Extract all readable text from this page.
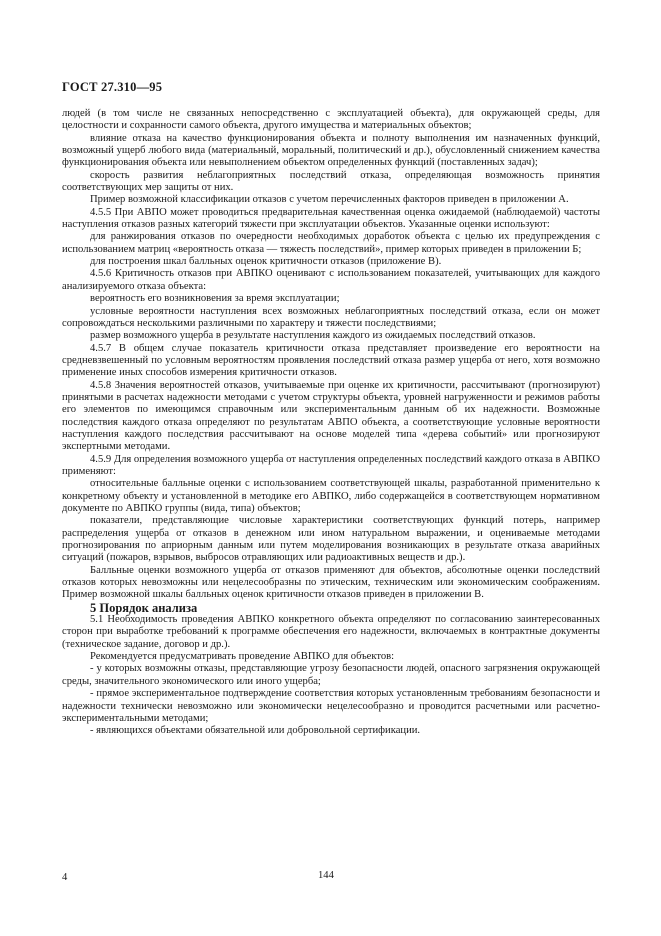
ГОСТ 27.310—95

людей (в том числе не связанных непосредственно с эксплуатацией объекта), для окружающей среды, для целостности и сохранности самого объекта, другого имущества и материальных объектов;

влияние отказа на качество функционирования объекта и полноту выполнения им назначенных функций, возможный ущерб любого вида (материальный, моральный, политический и др.), обусловленный снижением качества функционирования объекта или невыполнением объектом определенных функций (поставленных задач);

скорость развития неблагоприятных последствий отказа, определяющая возможность принятия соответствующих мер защиты от них.

Пример возможной классификации отказов с учетом перечисленных факторов приведен в приложении А.

4.5.5 При АВПО может проводиться предварительная качественная оценка ожидаемой (наблюдаемой) частоты наступления отказов разных категорий тяжести при эксплуатации объектов. Указанные оценки используют:

для ранжирования отказов по очередности необходимых доработок объекта с целью их предупреждения с использованием матриц «вероятность отказа — тяжесть последствий», пример которых приведен в приложении Б;

для построения шкал балльных оценок критичности отказов (приложение В).

4.5.6 Критичность отказов при АВПКО оценивают с использованием показателей, учитывающих для каждого анализируемого отказа объекта:

вероятность его возникновения за время эксплуатации;

условные вероятности наступления всех возможных неблагоприятных последствий отказа, если он может сопровождаться несколькими различными по характеру и тяжести последствиями;

размер возможного ущерба в результате наступления каждого из ожидаемых последствий отказов.

4.5.7 В общем случае показатель критичности отказа представляет произведение его вероятности на средневзвешенный по условным вероятностям проявления последствий отказа размер ущерба от него, хотя возможно применение иных способов измерения критичности отказов.

4.5.8 Значения вероятностей отказов, учитываемые при оценке их критичности, рассчитывают (прогнозируют) принятыми в расчетах надежности методами с учетом структуры объекта, уровней нагруженности и режимов работы его элементов по имеющимся справочным или экспериментальным данным об их надежности. Возможные последствия каждого отказа определяют по результатам АВПО объекта, а соответствующие условные вероятности наступления каждого последствия рассчитывают на основе моделей типа «дерева событий» или прогнозируют экспертными методами.

4.5.9 Для определения возможного ущерба от наступления определенных последствий каждого отказа в АВПКО применяют:

относительные балльные оценки с использованием соответствующей шкалы, разработанной применительно к конкретному объекту и установленной в методике его АВПКО, либо содержащейся в соответствующем нормативном документе по АВПКО группы (вида, типа) объектов;

показатели, представляющие числовые характеристики соответствующих функций потерь, например распределения ущерба от отказов в денежном или ином натуральном выражении, и оцениваемые методами прогнозирования по априорным данным или путем моделирования возникающих в результате отказа аварийных ситуаций (пожаров, взрывов, выбросов отравляющих или радиоактивных веществ и др.).

Балльные оценки возможного ущерба от отказов применяют для объектов, абсолютные оценки последствий отказов которых невозможны или нецелесообразны по этическим, техническим или экономическим соображениям. Пример возможной шкалы балльных оценок критичности отказов приведен в приложении В.

5 Порядок анализа

5.1 Необходимость проведения АВПКО конкретного объекта определяют по согласованию заинтересованных сторон при выработке требований к программе обеспечения его надежности, включаемых в контрактные документы (техническое задание, договор и др.).

Рекомендуется предусматривать проведение АВПКО для объектов:

- у которых возможны отказы, представляющие угрозу безопасности людей, опасного загрязнения окружающей среды, значительного экономического или иного ущерба;

- прямое экспериментальное подтверждение соответствия которых установленным требованиям безопасности и надежности технически невозможно или экономически нецелесообразно и проводится расчетными или расчетно-экспериментальными методами;

- являющихся объектами обязательной или добровольной сертификации.

4	144
